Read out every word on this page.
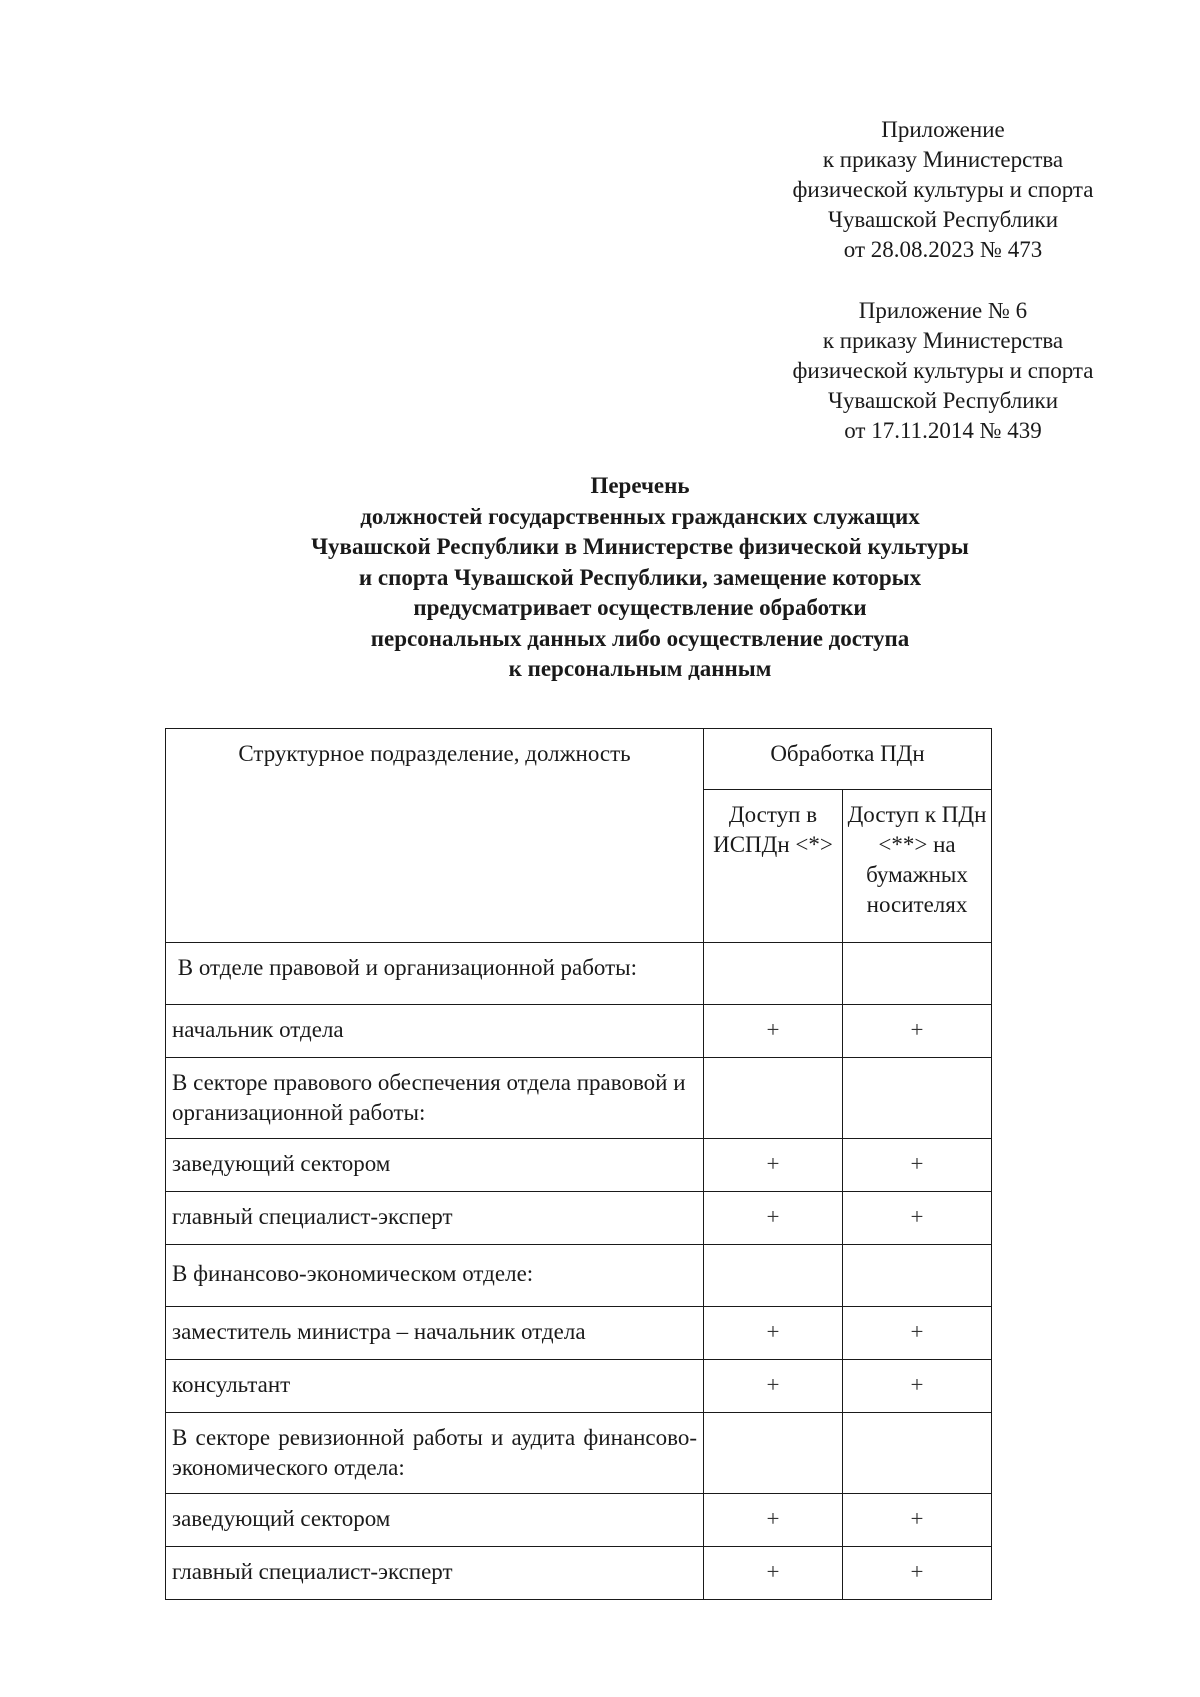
Приложение
к приказу Министерства
физической культуры и спорта
Чувашской Республики
от 28.08.2023 № 473
Приложение № 6
к приказу Министерства
физической культуры и спорта
Чувашской Республики
от 17.11.2014 № 439
Перечень
должностей государственных гражданских служащих
Чувашской Республики в Министерстве физической культуры
и спорта Чувашской Республики, замещение которых
предусматривает осуществление обработки
персональных данных либо осуществление доступа
к персональным данным
Структурное подразделение, должность	Обработка ПДн	
	Доступ в ИСПДн <*>	Доступ к ПДн <**> на бумажных носителях
В отделе правовой и организационной работы:		
начальник отдела	+	+
В секторе правового обеспечения отдела правовой и организационной работы:		
заведующий сектором	+	+
главный специалист-эксперт	+	+
В финансово-экономическом отделе:		
заместитель министра – начальник отдела	+	+
консультант	+	+
В секторе ревизионной работы и аудита финансово-экономического отдела:		
заведующий сектором	+	+
главный специалист-эксперт	+	+
